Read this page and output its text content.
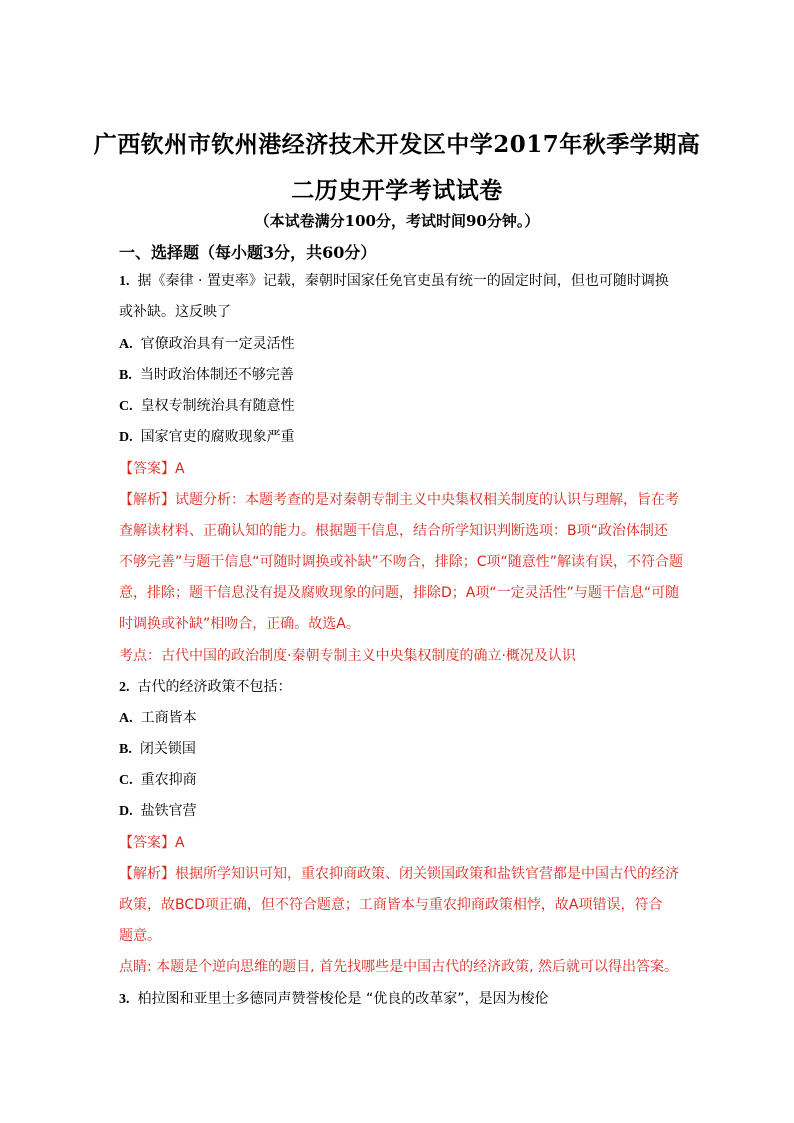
广西钦州市钦州港经济技术开发区中学2017年秋季学期高
二历史开学考试试卷
（本试卷满分100分，考试时间90分钟。）
一、选择题（每小题3分，共60分）
1. 据《秦律 · 置吏率》记载，秦朝时国家任免官吏虽有统一的固定时间，但也可随时调换
或补缺。这反映了
A. 官僚政治具有一定灵活性
B. 当时政治体制还不够完善
C. 皇权专制统治具有随意性
D. 国家官吏的腐败现象严重
【答案】A
【解析】试题分析：本题考查的是对秦朝专制主义中央集权相关制度的认识与理解，旨在考
查解读材料、正确认知的能力。根据题干信息，结合所学知识判断选项：B项“政治体制还
不够完善”与题干信息“可随时调换或补缺”不吻合，排除；C项“随意性”解读有误，不符合题
意，排除；题干信息没有提及腐败现象的问题，排除D；A项“一定灵活性”与题干信息“可随
时调换或补缺”相吻合，正确。故选A。
考点：古代中国的政治制度·秦朝专制主义中央集权制度的确立·概况及认识
2. 古代的经济政策不包括：
A. 工商皆本
B. 闭关锁国
C. 重农抑商
D. 盐铁官营
【答案】A
【解析】根据所学知识可知，重农抑商政策、闭关锁国政策和盐铁官营都是中国古代的经济
政策，故BCD项正确，但不符合题意；工商皆本与重农抑商政策相悖，故A项错误，符合
题意。
点睛: 本题是个逆向思维的题目, 首先找哪些是中国古代的经济政策, 然后就可以得出答案。
3. 柏拉图和亚里士多德同声赞誉梭伦是 “优良的改革家”，是因为梭伦
